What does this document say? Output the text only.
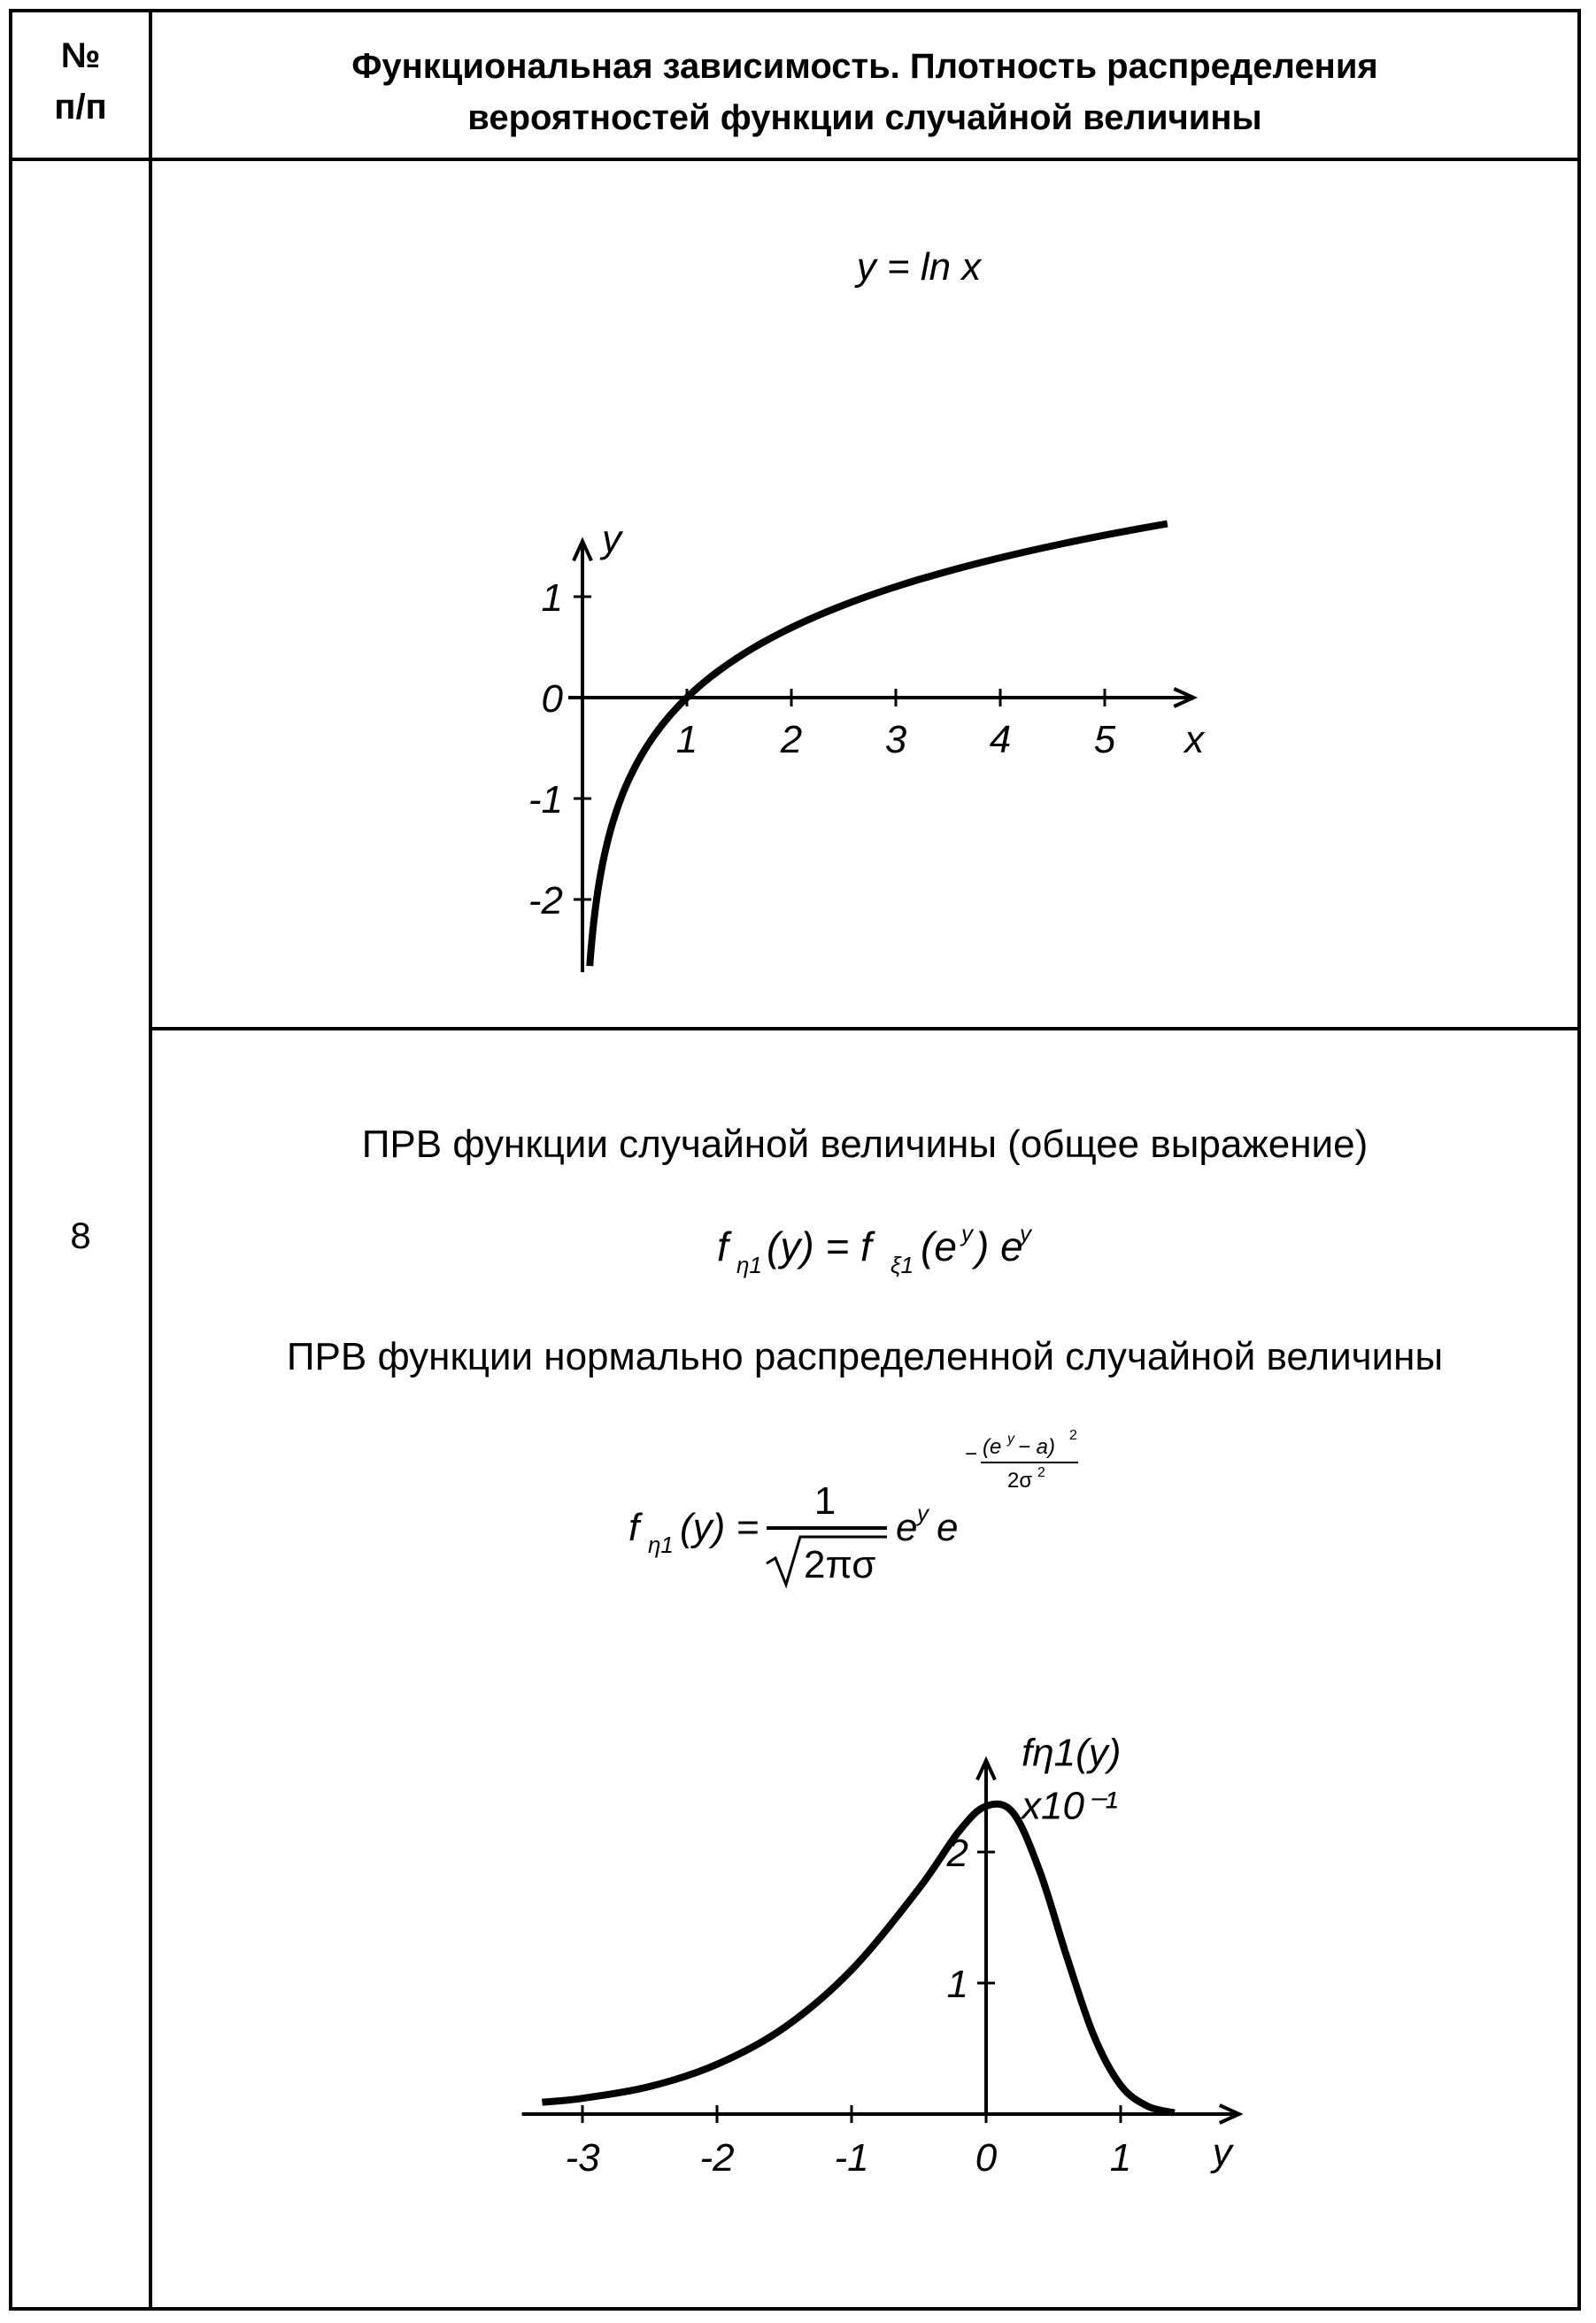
№
п/п
Функциональная зависимость. Плотность распределения
вероятностей функции случайной величины
8
y = ln x
y
x
1 2 3 4 5
1
0
-1
-2
ПРВ функции случайной величины (общее выражение)
f η1 (y) = f ξ1 (e y ) e
y
ПРВ функции нормально распределенной случайной величины
f η1 (y) =
1
2πσ
e y e
− (e y − a) 2
2σ 2
fη1(y)
x10⁻¹
y
-3	-2	-1	0	1
2
1
